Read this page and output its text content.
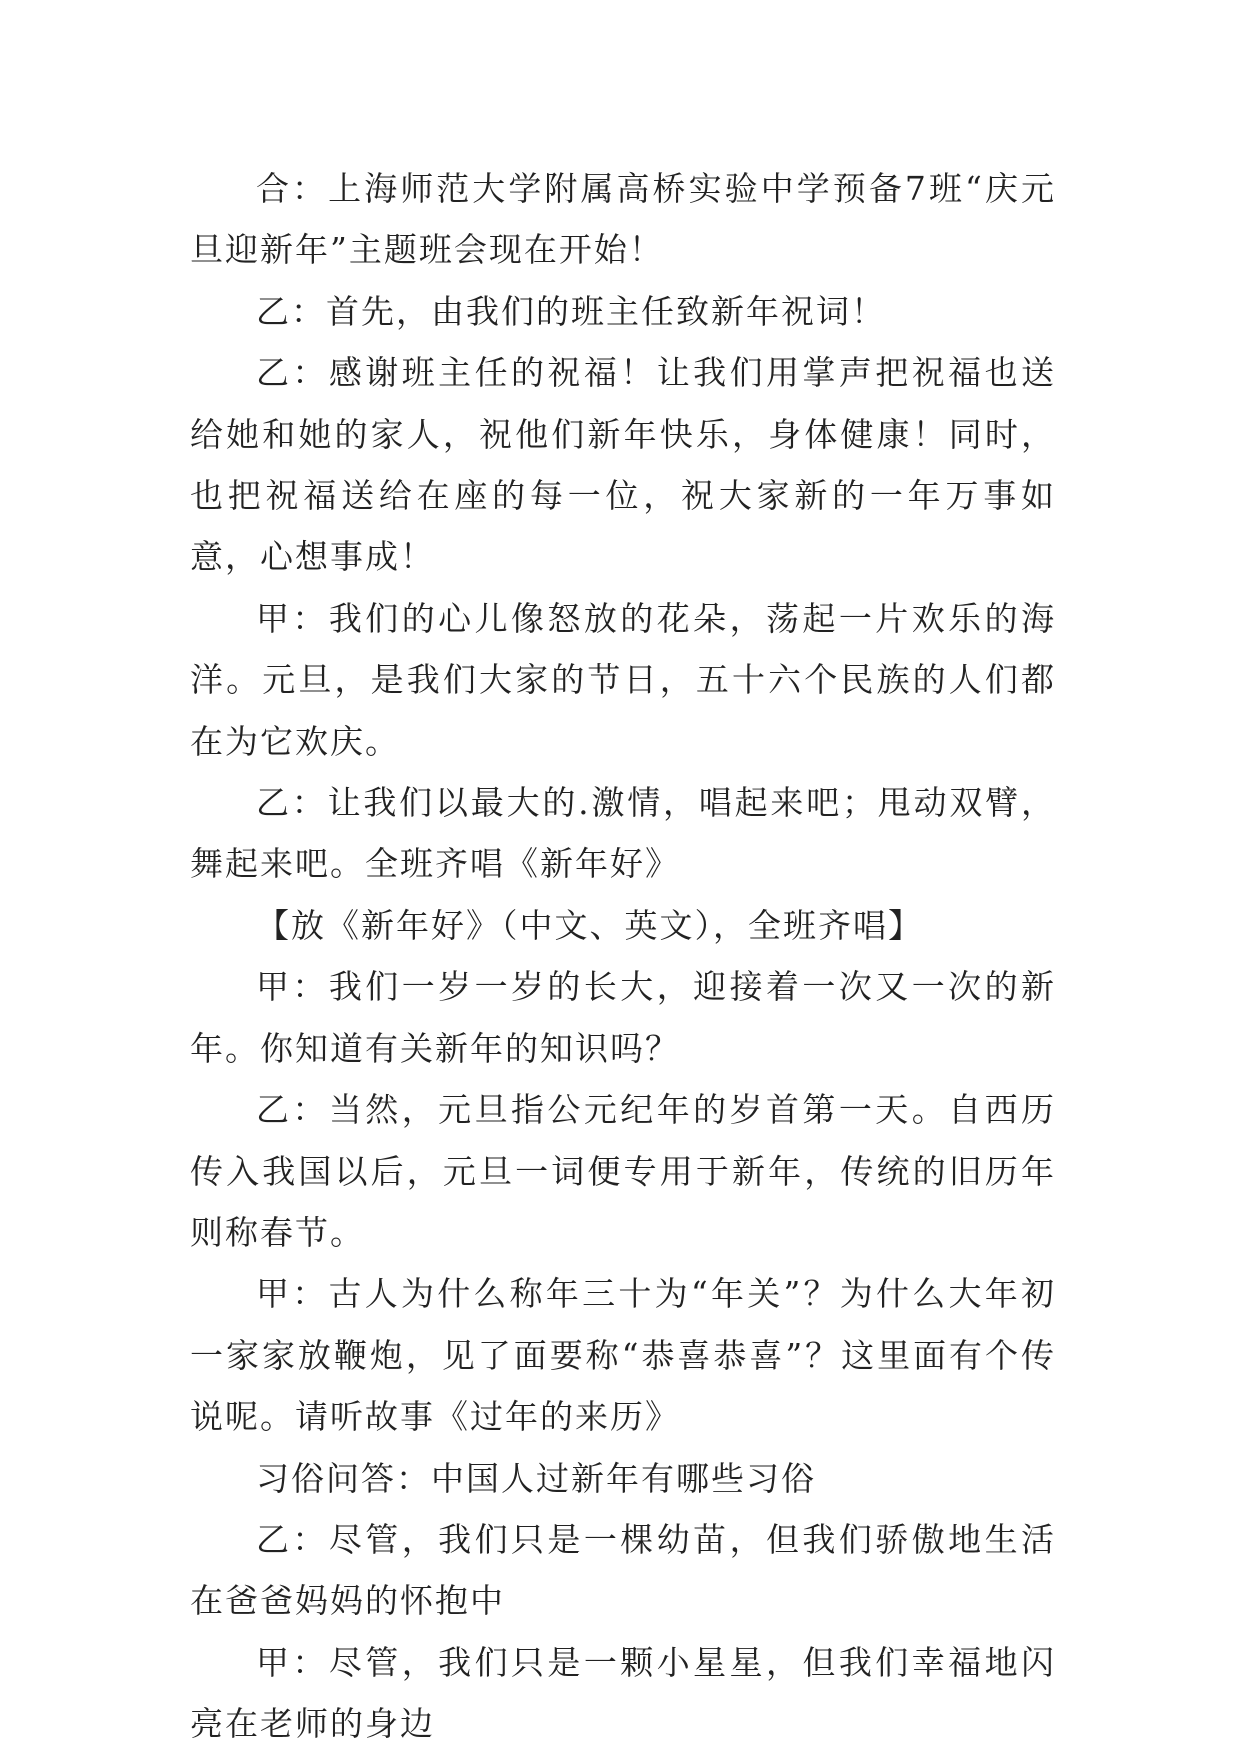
合：上海师范大学附属高桥实验中学预备7班“庆元旦迎新年”主题班会现在开始！

乙：首先，由我们的班主任致新年祝词！

乙：感谢班主任的祝福！让我们用掌声把祝福也送给她和她的家人，祝他们新年快乐，身体健康！同时，也把祝福送给在座的每一位，祝大家新的一年万事如意，心想事成！

甲：我们的心儿像怒放的花朵，荡起一片欢乐的海洋。元旦，是我们大家的节日，五十六个民族的人们都在为它欢庆。

乙：让我们以最大的.激情，唱起来吧；甩动双臂，舞起来吧。全班齐唱《新年好》

【放《新年好》（中文、英文），全班齐唱】

甲：我们一岁一岁的长大，迎接着一次又一次的新年。你知道有关新年的知识吗？

乙：当然，元旦指公元纪年的岁首第一天。自西历传入我国以后，元旦一词便专用于新年，传统的旧历年则称春节。

甲：古人为什么称年三十为“年关”？为什么大年初一家家放鞭炮，见了面要称“恭喜恭喜”？这里面有个传说呢。请听故事《过年的来历》

习俗问答：中国人过新年有哪些习俗

乙：尽管，我们只是一棵幼苗，但我们骄傲地生活在爸爸妈妈的怀抱中

甲：尽管，我们只是一颗小星星，但我们幸福地闪亮在老师的身边
